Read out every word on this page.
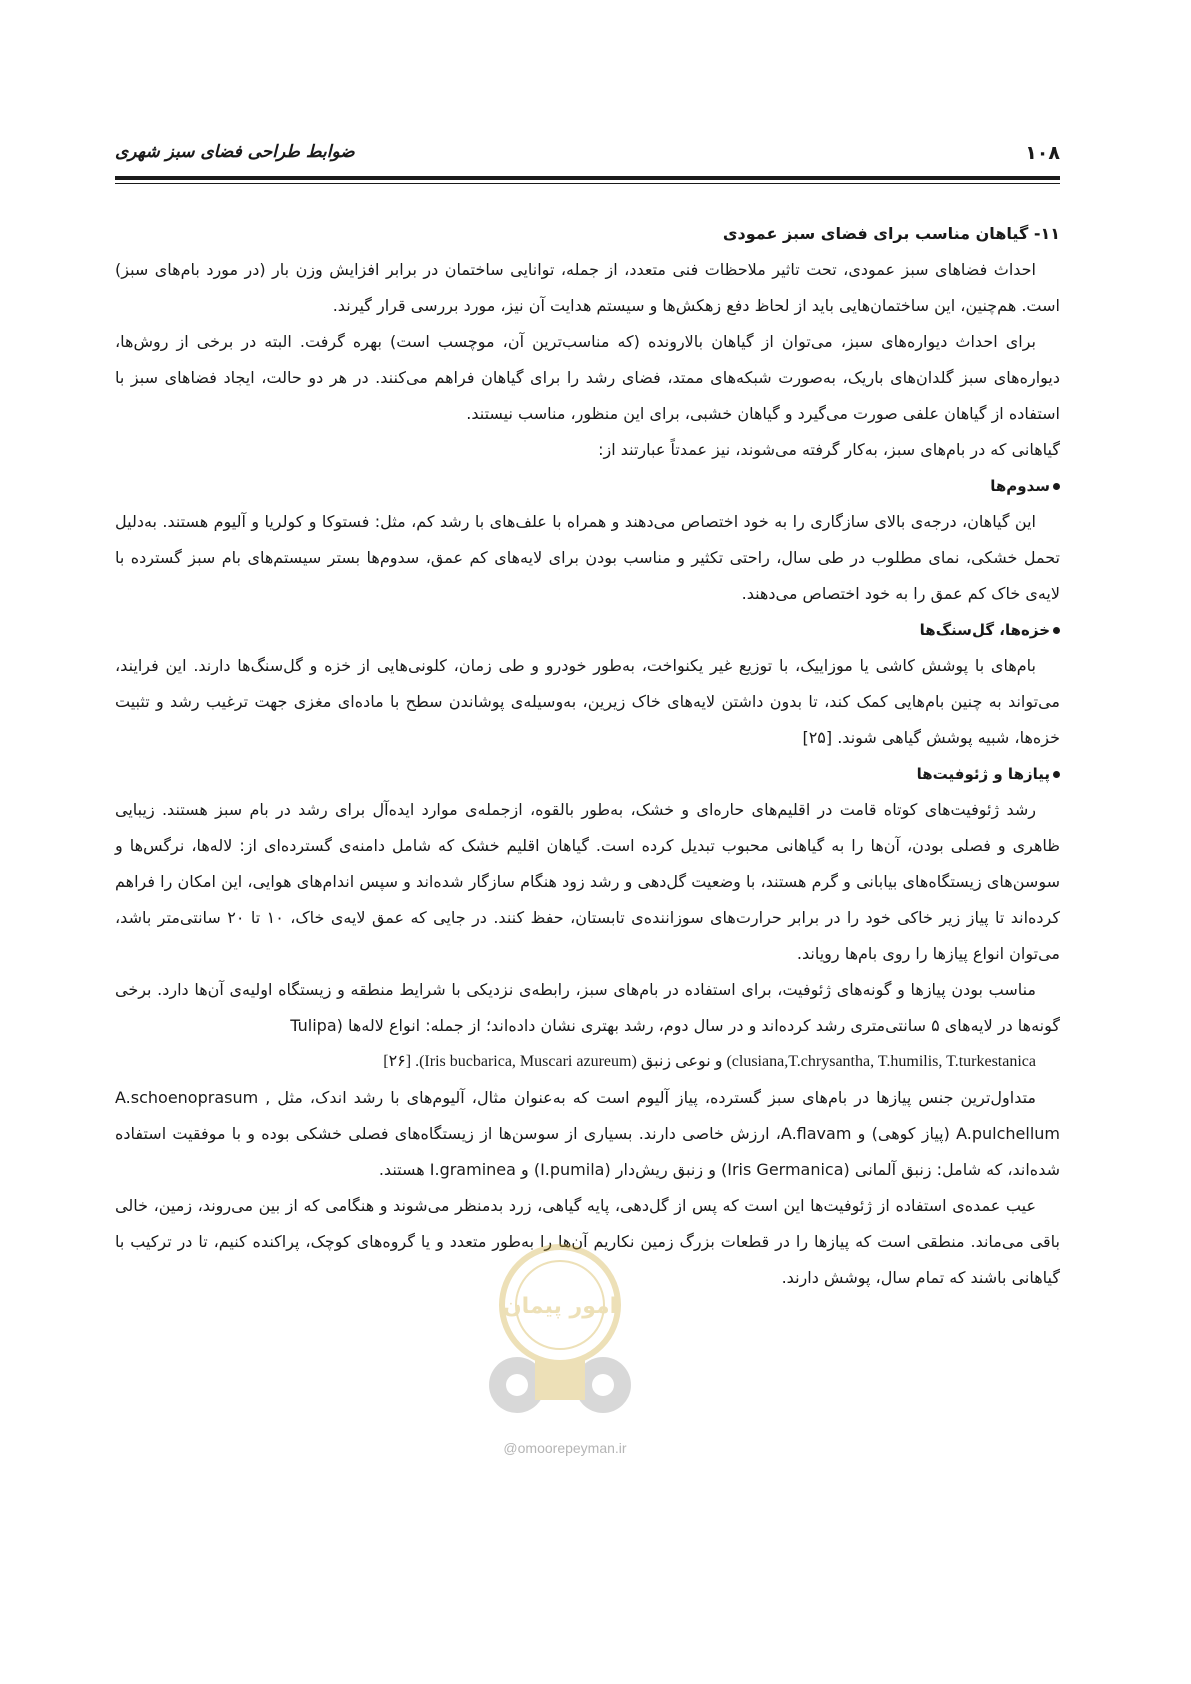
۱۰۸
ضوابط طراحی فضای سبز شهری
۱۱- گیاهان مناسب برای فضای سبز عمودی

احداث فضاهای سبز عمودی، تحت تاثیر ملاحظات فنی متعدد، از جمله، توانایی ساختمان در برابر افزایش وزن بار (در مورد بام‌های سبز) است. هم‌چنین، این ساختمان‌هایی باید از لحاظ دفع زهکش‌ها و سیستم هدایت آن نیز، مورد بررسی قرار گیرند.

برای احداث دیواره‌های سبز، می‌توان از گیاهان بالارونده (که مناسب‌ترین آن، موچسب است) بهره گرفت. البته در برخی از روش‌ها، دیواره‌های سبز گلدان‌های باریک، به‌صورت شبکه‌های ممتد، فضای رشد را برای گیاهان فراهم می‌کنند. در هر دو حالت، ایجاد فضاهای سبز با استفاده از گیاهان علفی صورت می‌گیرد و گیاهان خشبی، برای این منظور، مناسب نیستند.

گیاهانی که در بام‌های سبز، به‌کار گرفته می‌شوند، نیز عمدتاً عبارتند از:

سدوم‌ها

این گیاهان، درجه‌ی بالای سازگاری را به خود اختصاص می‌دهند و همراه با علف‌های با رشد کم، مثل: فستوکا و کولریا و آلیوم هستند. به‌دلیل تحمل خشکی، نمای مطلوب در طی سال، راحتی تکثیر و مناسب بودن برای لایه‌های کم عمق، سدوم‌ها بستر سیستم‌های بام سبز گسترده با لایه‌ی خاک کم عمق را به خود اختصاص می‌دهند.

خزه‌ها، گل‌سنگ‌ها

بام‌های با پوشش کاشی یا موزاییک، با توزیع غیر یکنواخت، به‌طور خودرو و طی زمان، کلونی‌هایی از خزه و گل‌سنگ‌ها دارند. این فرایند، می‌تواند به چنین بام‌هایی کمک کند، تا بدون داشتن لایه‌های خاک زیرین، به‌وسیله‌ی پوشاندن سطح با ماده‌ای مغزی جهت ترغیب رشد و تثبیت خزه‌ها، شبیه پوشش گیاهی شوند. [۲۵]

پیازها و ژئوفیت‌ها

رشد ژئوفیت‌های کوتاه قامت در اقلیم‌های حاره‌ای و خشک، به‌طور بالقوه، ازجمله‌ی موارد ایده‌آل برای رشد در بام سبز هستند. زیبایی ظاهری و فصلی بودن، آن‌ها را به گیاهانی محبوب تبدیل کرده است. گیاهان اقلیم خشک که شامل دامنه‌ی گسترده‌ای از: لاله‌ها، نرگس‌ها و سوسن‌های زیستگاه‌های بیابانی و گرم هستند، با وضعیت گل‌دهی و رشد زود هنگام سازگار شده‌اند و سپس اندام‌های هوایی، این امکان را فراهم کرده‌اند تا پیاز زیر خاکی خود را در برابر حرارت‌های سوزاننده‌ی تابستان، حفظ کنند. در جایی که عمق لایه‌ی خاک، ۱۰ تا ۲۰ سانتی‌متر باشد، می‌توان انواع پیازها را روی بام‌ها رویاند.

مناسب بودن پیازها و گونه‌های ژئوفیت، برای استفاده در بام‌های سبز، رابطه‌ی نزدیکی با شرایط منطقه و زیستگاه اولیه‌ی آن‌ها دارد. برخی گونه‌ها در لایه‌های ۵ سانتی‌متری رشد کرده‌اند و در سال دوم، رشد بهتری نشان داده‌اند؛ از جمله: انواع لاله‌ها (Tulipa

clusiana,T.chrysantha, T.humilis, T.turkestanica) و نوعی زنبق (Iris bucbarica, Muscari azureum). [۲۶]

متداول‌ترین جنس پیازها در بام‌های سبز گسترده، پیاز آلیوم است که به‌عنوان مثال، آلیوم‌های با رشد اندک، مثل A.schoenoprasum , A.pulchellum (پیاز کوهی) و A.flavam، ارزش خاصی دارند. بسیاری از سوسن‌ها از زیستگاه‌های فصلی خشکی بوده و با موفقیت استفاده شده‌اند، که شامل: زنبق آلمانی (Iris Germanica) و زنبق ریش‌دار (I.pumila) و I.graminea هستند.

عیب عمده‌ی استفاده از ژئوفیت‌ها این است که پس از گل‌دهی، پایه گیاهی، زرد بدمنظر می‌شوند و هنگامی که از بین می‌روند، زمین، خالی باقی می‌ماند. منطقی است که پیازها را در قطعات بزرگ زمین نکاریم آن‌ها را به‌طور متعدد و یا گروه‌های کوچک، پراکنده کنیم، تا در ترکیب با گیاهانی باشند که تمام سال، پوشش دارند.

امور پیمان
@omoorepeyman.ir
